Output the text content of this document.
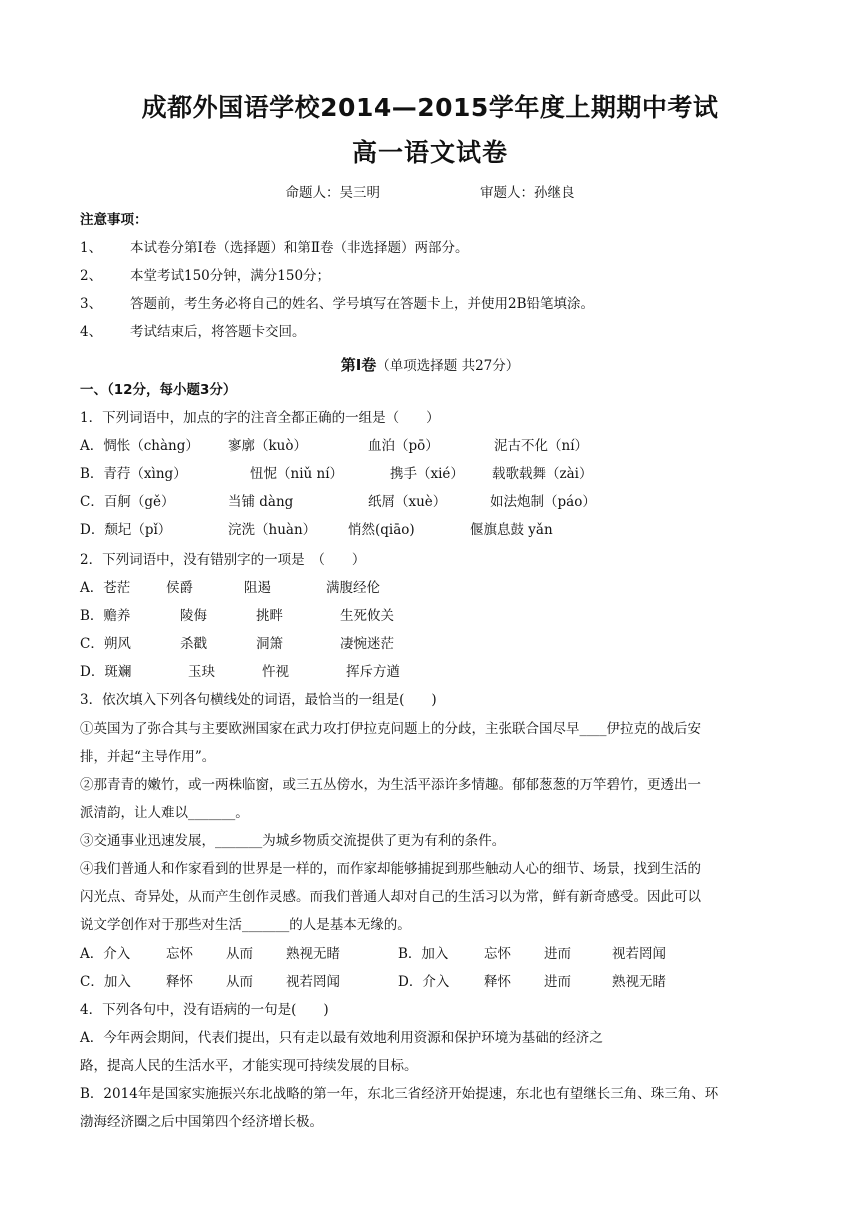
成都外国语学校2014—2015学年度上期期中考试
高一语文试卷
命题人：吴三明	审题人：孙继良
注意事项：
1、 本试卷分第Ⅰ卷（选择题）和第Ⅱ卷（非选择题）两部分。
2、 本堂考试150分钟，满分150分；
3、 答题前，考生务必将自己的姓名、学号填写在答题卡上，并使用2B铅笔填涂。
4、 考试结束后，将答题卡交回。
第Ⅰ卷（单项选择题 共27分）
一、（12分，每小题3分）
1．下列词语中，加点的字的注音全都正确的一组是（　　）
A．惆怅（chàng） 寥廓（kuò）	血泊（pō）	泥古不化（ní）
B．青荇（xìng）	忸怩（niǔ ní）	携手（xié） 载歌载舞（zài）
C．百舸（gě）	当铺 dàng	纸屑（xuè）	如法炮制（páo）
D．颓圮（pǐ）	浣洗（huàn） 悄然(qiāo)	偃旗息鼓 yǎn
2．下列词语中，没有错别字的一项是　（　　）
A．苍茫	侯爵	阻遏	满腹经伦
B．赡养	陵侮	挑畔	生死攸关
C．朔风	杀戳	洞箫	凄惋迷茫
D．斑斓	玉玦	忤视	挥斥方遒
3．依次填入下列各句横线处的词语，最恰当的一组是(　　)
①英国为了弥合其与主要欧洲国家在武力攻打伊拉克问题上的分歧，主张联合国尽早____伊拉克的战后安
排，并起“主导作用”。
②那青青的嫩竹，或一两株临窗，或三五丛傍水，为生活平添许多情趣。郁郁葱葱的万竿碧竹，更透出一
派清韵，让人难以_______。
③交通事业迅速发展，_______为城乡物质交流提供了更为有利的条件。
④我们普通人和作家看到的世界是一样的，而作家却能够捕捉到那些触动人心的细节、场景，找到生活的
闪光点、奇异处，从而产生创作灵感。而我们普通人却对自己的生活习以为常，鲜有新奇感受。因此可以
说文学创作对于那些对生活_______的人是基本无缘的。
A．介入	忘怀 从而 熟视无睹	B．加入	忘怀 进而	视若罔闻
C．加入	释怀 从而 视若罔闻	D．介入	释怀 进而	熟视无睹
4．下列各句中，没有语病的一句是(　　)
A．今年两会期间，代表们提出，只有走以最有效地利用资源和保护环境为基础的经济之
路，提高人民的生活水平，才能实现可持续发展的目标。
B．2014年是国家实施振兴东北战略的第一年，东北三省经济开始提速，东北也有望继长三角、珠三角、环
渤海经济圈之后中国第四个经济增长极。
